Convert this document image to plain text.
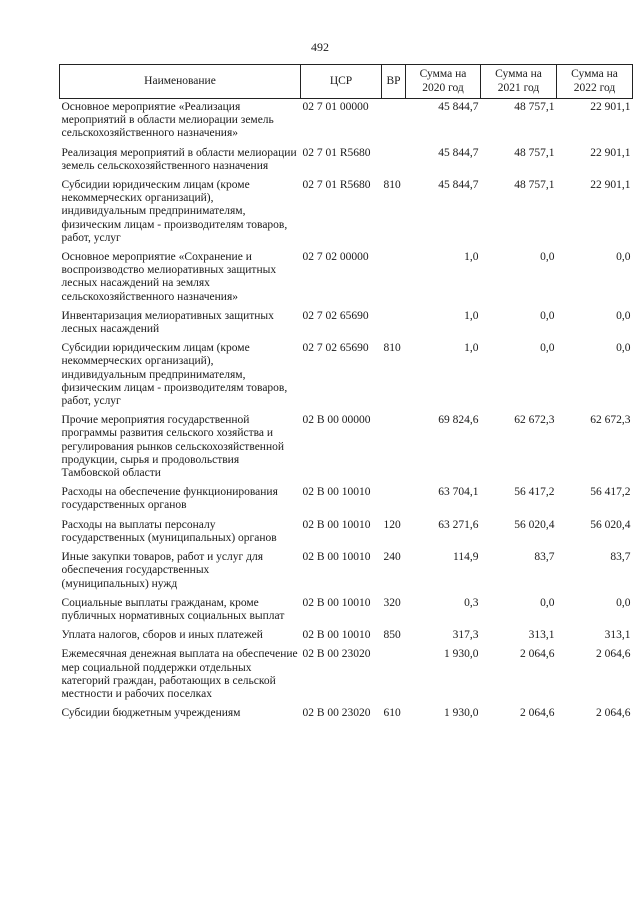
492
Наименование	ЦСР	ВР	Сумма на 2020 год	Сумма на 2021 год	Сумма на 2022 год
Основное мероприятие «Реализация мероприятий в области мелиорации земель сельскохозяйственного назначения»	02 7 01 00000		45 844,7	48 757,1	22 901,1
Реализация мероприятий в области мелиорации земель сельскохозяйственного назначения	02 7 01 R5680		45 844,7	48 757,1	22 901,1
Субсидии юридическим лицам (кроме некоммерческих организаций), индивидуальным предпринимателям, физическим лицам - производителям товаров, работ, услуг	02 7 01 R5680	810	45 844,7	48 757,1	22 901,1
Основное мероприятие «Сохранение и воспроизводство мелиоративных защитных лесных насаждений на землях сельскохозяйственного назначения»	02 7 02 00000		1,0	0,0	0,0
Инвентаризация мелиоративных защитных лесных насаждений	02 7 02 65690		1,0	0,0	0,0
Субсидии юридическим лицам (кроме некоммерческих организаций), индивидуальным предпринимателям, физическим лицам - производителям товаров, работ, услуг	02 7 02 65690	810	1,0	0,0	0,0
Прочие мероприятия государственной программы развития сельского хозяйства и регулирования рынков сельскохозяйственной продукции, сырья и продовольствия Тамбовской области	02 В 00 00000		69 824,6	62 672,3	62 672,3
Расходы на обеспечение функционирования государственных органов	02 В 00 10010		63 704,1	56 417,2	56 417,2
Расходы на выплаты персоналу государственных (муниципальных) органов	02 В 00 10010	120	63 271,6	56 020,4	56 020,4
Иные закупки товаров, работ и услуг для обеспечения государственных (муниципальных) нужд	02 В 00 10010	240	114,9	83,7	83,7
Социальные выплаты гражданам, кроме публичных нормативных социальных выплат	02 В 00 10010	320	0,3	0,0	0,0
Уплата налогов, сборов и иных платежей	02 В 00 10010	850	317,3	313,1	313,1
Ежемесячная денежная выплата на обеспечение мер социальной поддержки отдельных категорий граждан, работающих в сельской местности и рабочих поселках	02 В 00 23020		1 930,0	2 064,6	2 064,6
Субсидии бюджетным учреждениям	02 В 00 23020	610	1 930,0	2 064,6	2 064,6
